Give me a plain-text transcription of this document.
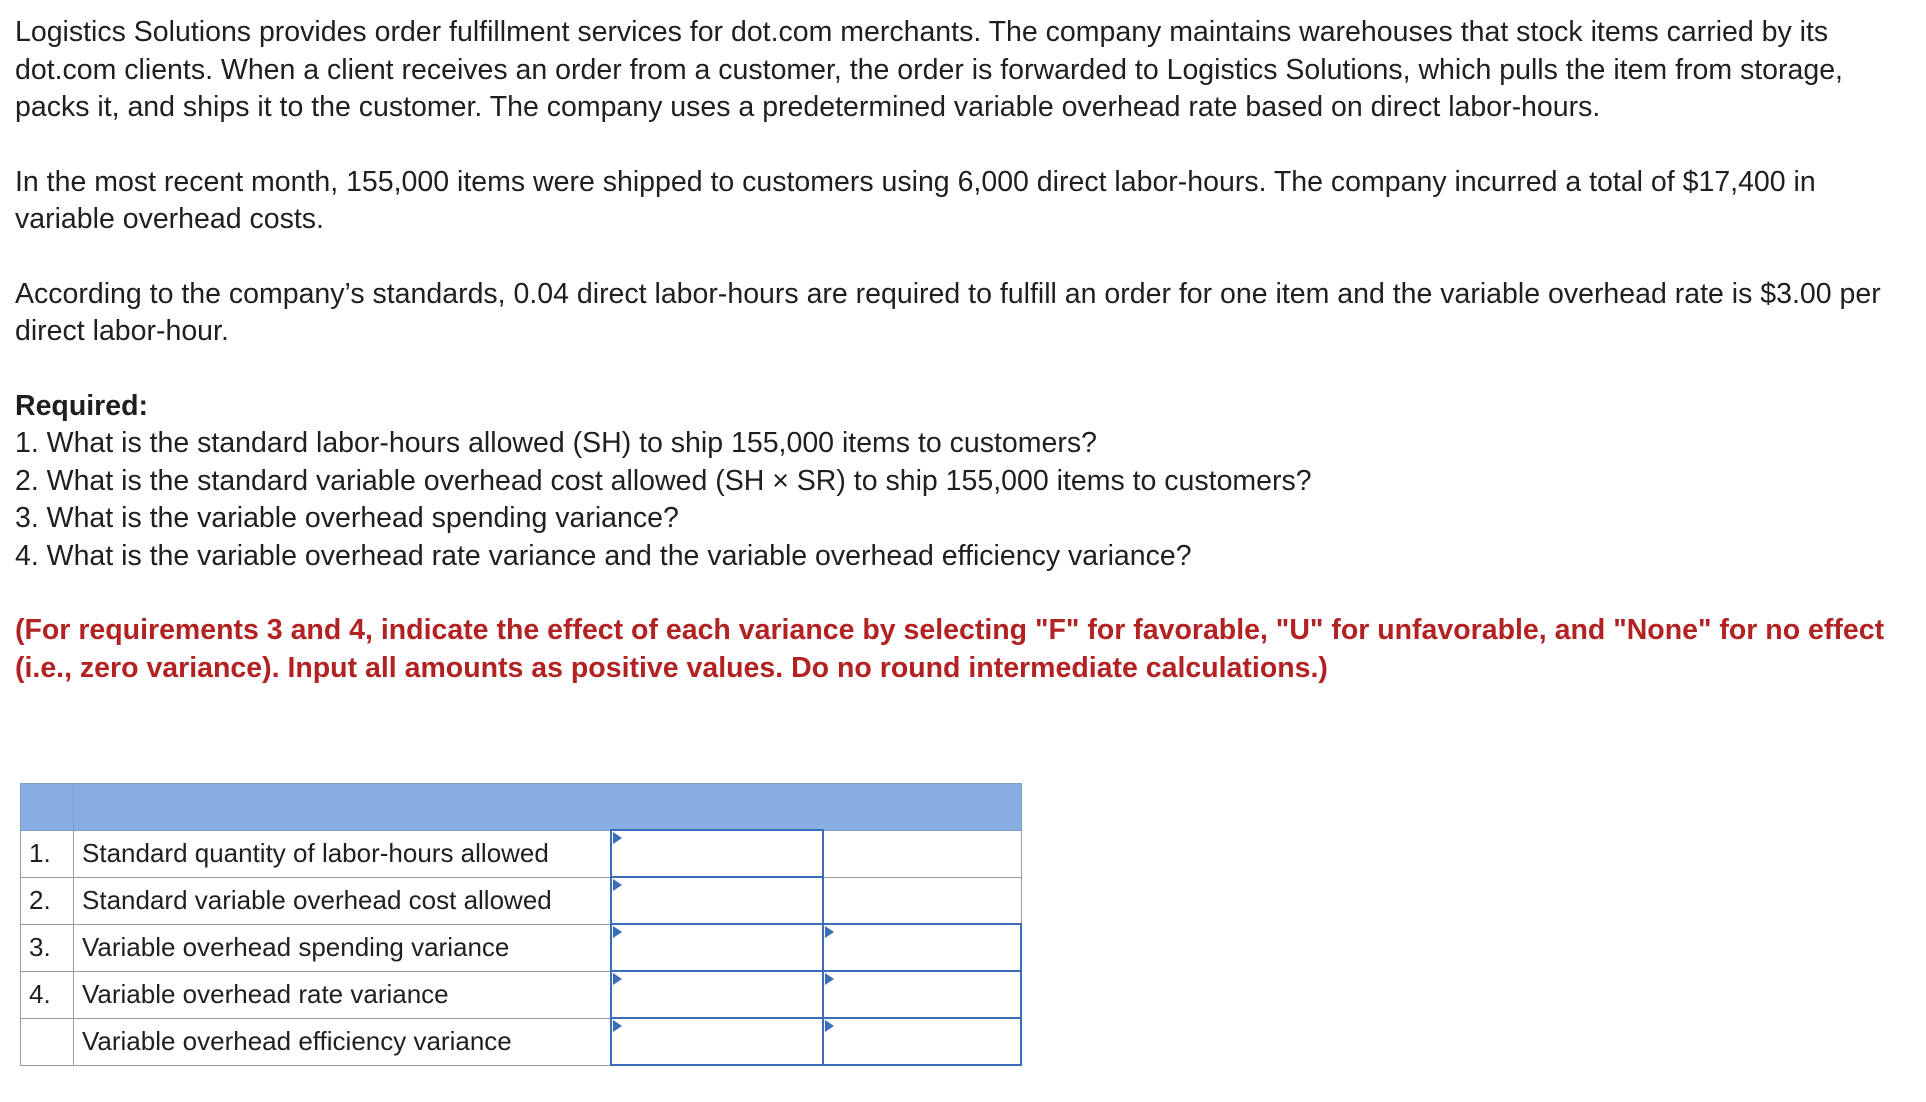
Logistics Solutions provides order fulfillment services for dot.com merchants. The company maintains warehouses that stock items carried by its dot.com clients. When a client receives an order from a customer, the order is forwarded to Logistics Solutions, which pulls the item from storage, packs it, and ships it to the customer. The company uses a predetermined variable overhead rate based on direct labor-hours.

In the most recent month, 155,000 items were shipped to customers using 6,000 direct labor-hours. The company incurred a total of $17,400 in variable overhead costs.

According to the company’s standards, 0.04 direct labor-hours are required to fulfill an order for one item and the variable overhead rate is $3.00 per direct labor-hour.

Required:
1. What is the standard labor-hours allowed (SH) to ship 155,000 items to customers?
2. What is the standard variable overhead cost allowed (SH × SR) to ship 155,000 items to customers?
3. What is the variable overhead spending variance?
4. What is the variable overhead rate variance and the variable overhead efficiency variance?

(For requirements 3 and 4, indicate the effect of each variance by selecting "F" for favorable, "U" for unfavorable, and "None" for no effect (i.e., zero variance). Input all amounts as positive values. Do no round intermediate calculations.)

1.	Standard quantity of labor-hours allowed	

2.	Standard variable overhead cost allowed	

3.	Variable overhead spending variance	

4.	Variable overhead rate variance	

	Variable overhead efficiency variance	
